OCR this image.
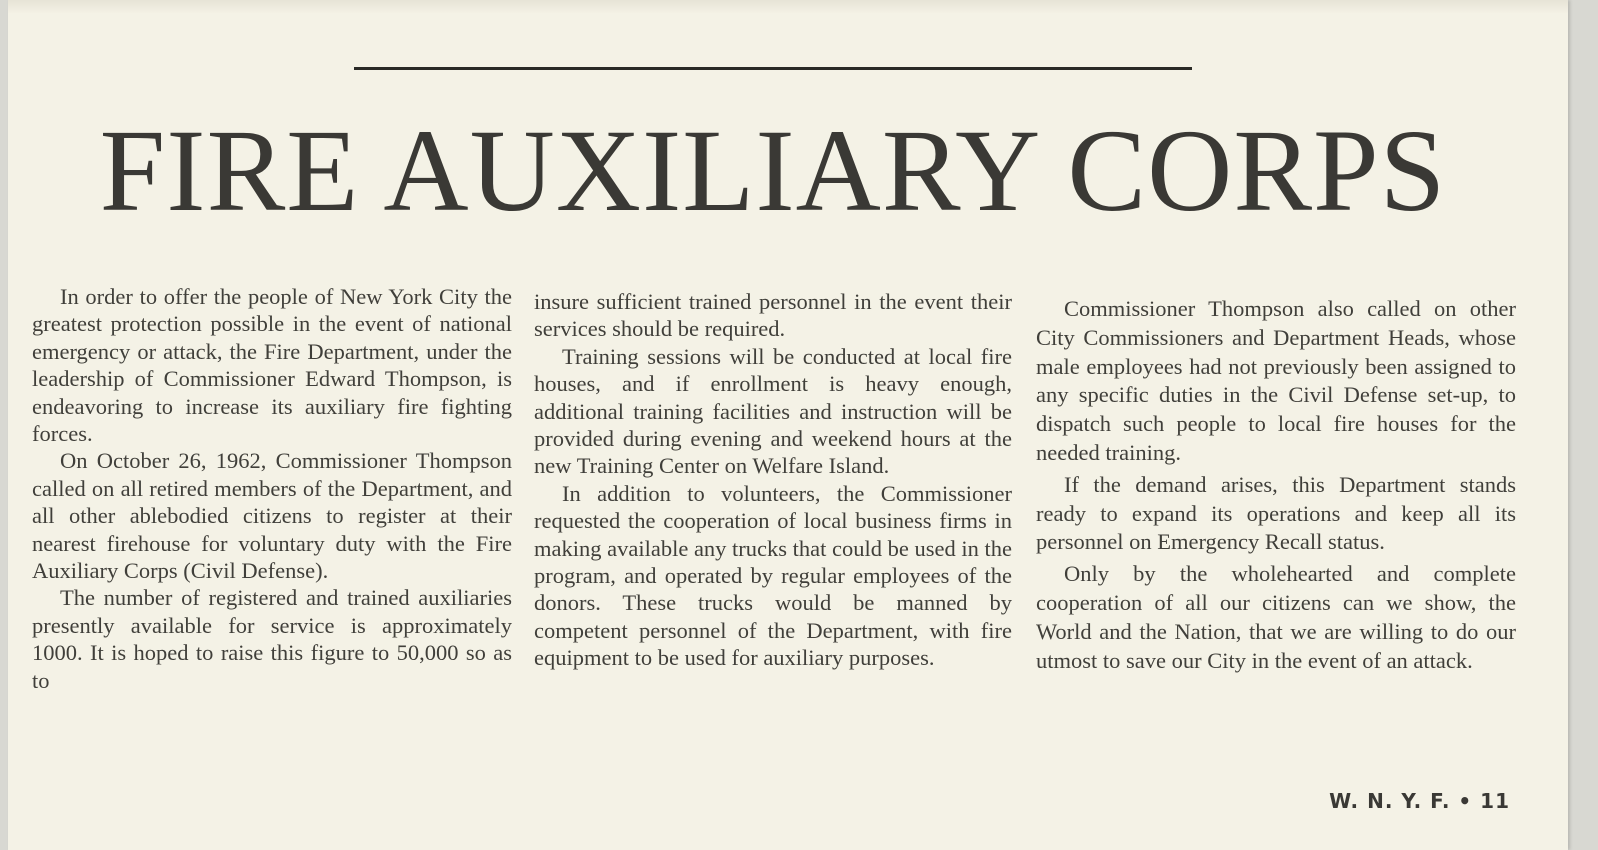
FIRE AUXILIARY CORPS

In order to offer the people of New York City the greatest protection possible in the event of national emergency or attack, the Fire Department, under the leadership of Commissioner Edward Thompson, is endeavoring to increase its auxiliary fire fighting forces.

On October 26, 1962, Commissioner Thompson called on all retired members of the Department, and all other ablebodied citizens to register at their nearest firehouse for voluntary duty with the Fire Auxiliary Corps (Civil Defense).

The number of registered and trained auxiliaries presently available for service is approximately 1000. It is hoped to raise this figure to 50,000 so as to

insure sufficient trained personnel in the event their services should be required.

Training sessions will be conducted at local fire houses, and if enrollment is heavy enough, additional training facilities and instruction will be provided during evening and weekend hours at the new Training Center on Welfare Island.

In addition to volunteers, the Commissioner requested the cooperation of local business firms in making available any trucks that could be used in the program, and operated by regular employees of the donors. These trucks would be manned by competent personnel of the Department, with fire equipment to be used for auxiliary purposes.

Commissioner Thompson also called on other City Commissioners and Department Heads, whose male employees had not previously been assigned to any specific duties in the Civil Defense set-up, to dispatch such people to local fire houses for the needed training.

If the demand arises, this Department stands ready to expand its operations and keep all its personnel on Emergency Recall status.

Only by the wholehearted and complete cooperation of all our citizens can we show, the World and the Nation, that we are willing to do our utmost to save our City in the event of an attack.

W. N. Y. F. • 11
